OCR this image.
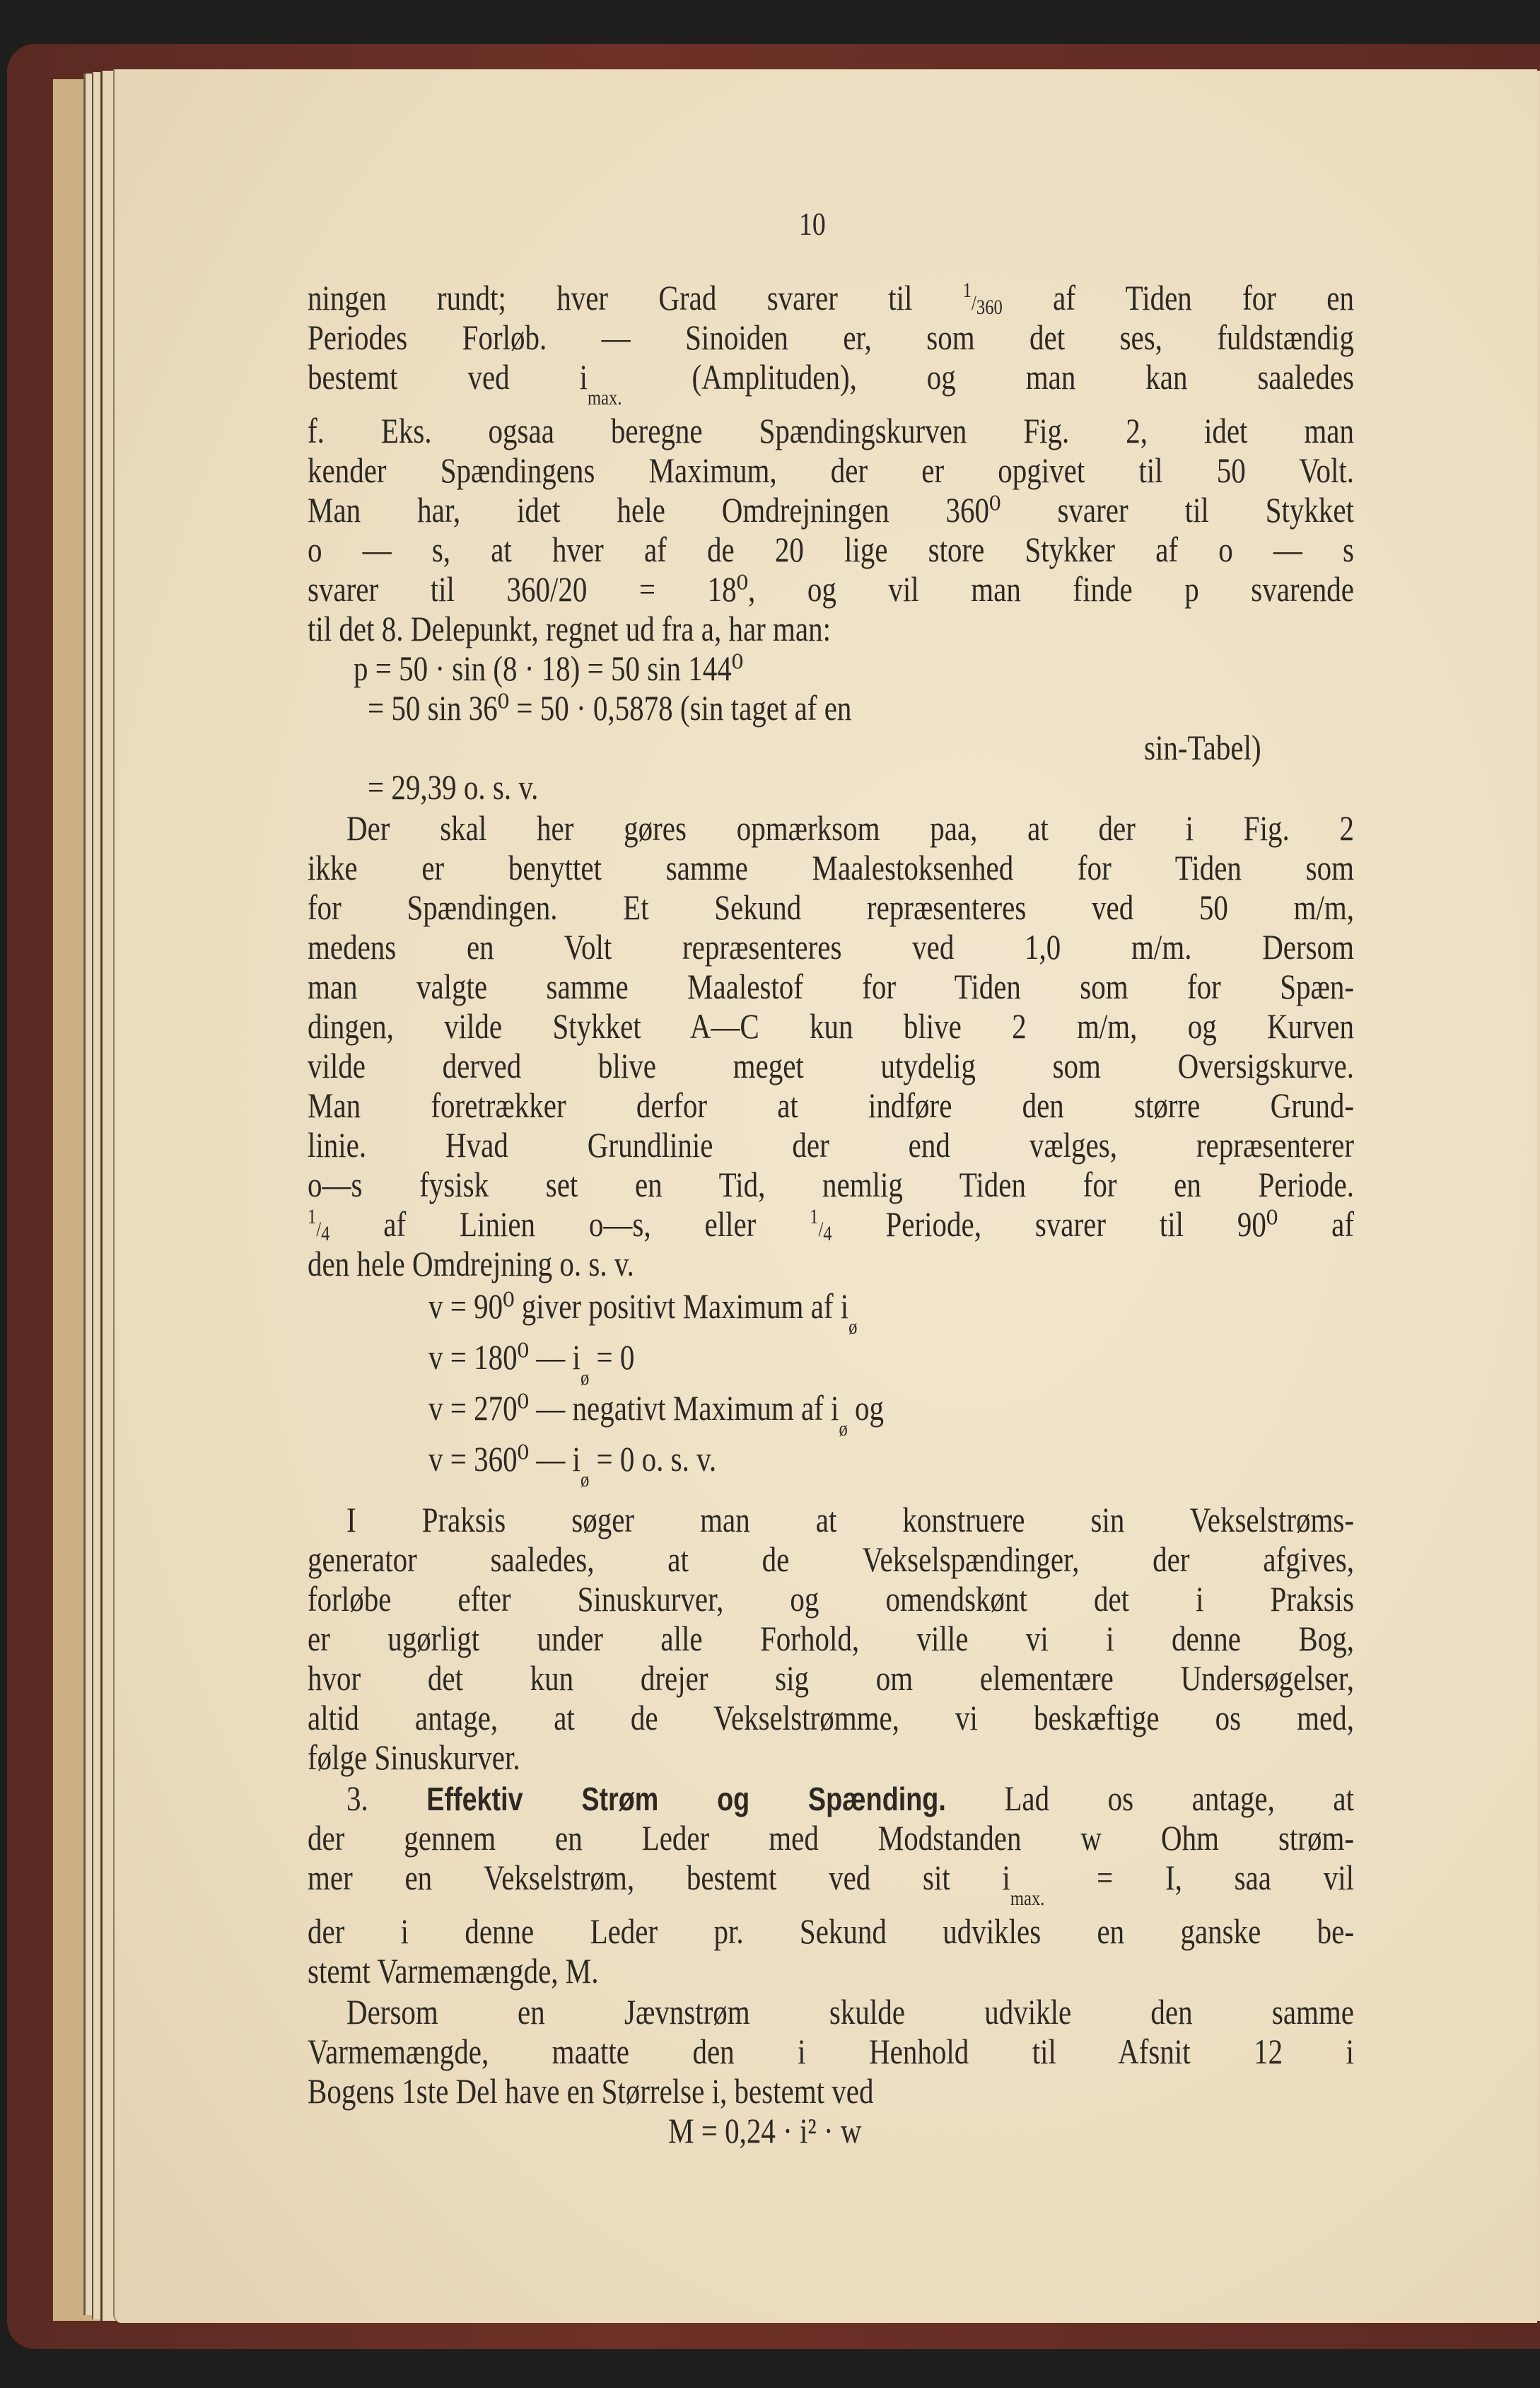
10
ningen rundt; hver Grad svarer til 1/360 af Tiden for en
Periodes Forløb. — Sinoiden er, som det ses, fuldstændig
bestemt ved $i_{max.}$ (Amplituden), og man kan saaledes
f. Eks. ogsaa beregne Spændingskurven Fig. 2, idet man
kender Spændingens Maximum, der er opgivet til 50 Volt.
Man har, idet hele Omdrejningen 360⁰ svarer til Stykket
o — s, at hver af de 20 lige store Stykker af o — s
svarer til 360/20 = 18⁰, og vil man finde p svarende
til det 8. Delepunkt, regnet ud fra a, har man:
p = 50 · sin (8 · 18) = 50 sin 144⁰
= 50 sin 36⁰ = 50 · 0,5878 (sin taget af en
sin-Tabel)
= 29,39 o. s. v.
Der skal her gøres opmærksom paa, at der i Fig. 2
ikke er benyttet samme Maalestoksenhed for Tiden som
for Spændingen. Et Sekund repræsenteres ved 50 m/m,
medens en Volt repræsenteres ved 1,0 m/m. Dersom
man valgte samme Maalestof for Tiden som for Spæn-
dingen, vilde Stykket A—C kun blive 2 m/m, og Kurven
vilde derved blive meget utydelig som Oversigskurve.
Man foretrækker derfor at indføre den større Grund-
linie. Hvad Grundlinie der end vælges, repræsenterer
o—s fysisk set en Tid, nemlig Tiden for en Periode.
1/4 af Linien o—s, eller	1/4 Periode, svarer til 90⁰ af
den hele Omdrejning o. s. v.
v = 90⁰ giver positivt Maximum af $i_ø$
v = 180⁰ — $i_ø = 0$
v = 270⁰ — negativt Maximum af $i_ø$ og
v = 360⁰ — $i_ø = 0$ o. s. v.
I Praksis søger man at konstruere sin Vekselstrøms-
generator saaledes, at de Vekselspændinger, der afgives,
forløbe efter Sinuskurver, og omendskønt det i Praksis
er ugørligt under alle Forhold, ville vi i denne Bog,
hvor det kun drejer sig om elementære Undersøgelser,
altid antage, at de Vekselstrømme, vi beskæftige os med,
følge Sinuskurver.
3. Effektiv Strøm og Spænding. Lad os antage, at
der gennem en Leder med Modstanden w Ohm strøm-
mer en Vekselstrøm, bestemt ved sit $i_{max.} = I$, saa vil
der i denne Leder pr. Sekund udvikles en ganske be-
stemt Varmemængde, M.
Dersom en Jævnstrøm skulde udvikle den samme
Varmemængde, maatte den i Henhold til Afsnit 12 i
Bogens 1ste Del have en Størrelse i, bestemt ved
M = 0,24 · i² · w
